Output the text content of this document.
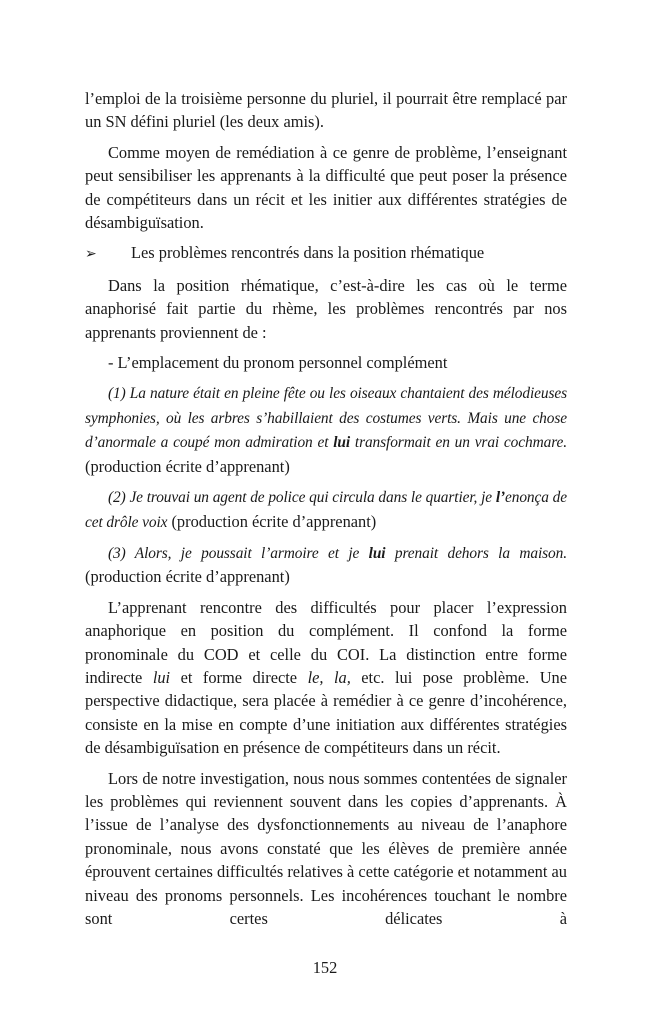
l’emploi de la troisième personne du pluriel, il pourrait être remplacé par un SN défini pluriel (les deux amis).

Comme moyen de remédiation à ce genre de problème, l’enseignant peut sensibiliser les apprenants à la difficulté que peut poser la présence de compétiteurs dans un récit et les initier aux différentes stratégies de désambiguïsation.

➢	Les problèmes rencontrés dans la position rhématique

Dans la position rhématique, c’est-à-dire les cas où le terme anaphorisé fait partie du rhème, les problèmes rencontrés par nos apprenants proviennent de :

- L’emplacement du pronom personnel complément

(1) La nature était en pleine fête ou les oiseaux chantaient des mélodieuses symphonies, où les arbres s’habillaient des costumes verts. Mais une chose d’anormale a coupé mon admiration et lui transformait en un vrai cochmare. (production écrite d’apprenant)

(2) Je trouvai un agent de police qui circula dans le quartier, je l’enonça de cet drôle voix (production écrite d’apprenant)

(3) Alors, je poussait l’armoire et je lui prenait dehors la maison. (production écrite d’apprenant)

L’apprenant rencontre des difficultés pour placer l’expression anaphorique en position du complément. Il confond la forme pronominale du COD et celle du COI. La distinction entre forme indirecte lui et forme directe le, la, etc. lui pose problème. Une perspective didactique, sera placée à remédier à ce genre d’incohérence, consiste en la mise en compte d’une initiation aux différentes stratégies de désambiguïsation en présence de compétiteurs dans un récit.

Lors de notre investigation, nous nous sommes contentées de signaler les problèmes qui reviennent souvent dans les copies d’apprenants. À l’issue de l’analyse des dysfonctionnements au niveau de l’anaphore pronominale, nous avons constaté que les élèves de première année éprouvent certaines difficultés relatives à cette catégorie et notamment au niveau des pronoms personnels. Les incohérences touchant le nombre sont certes délicates à

152
